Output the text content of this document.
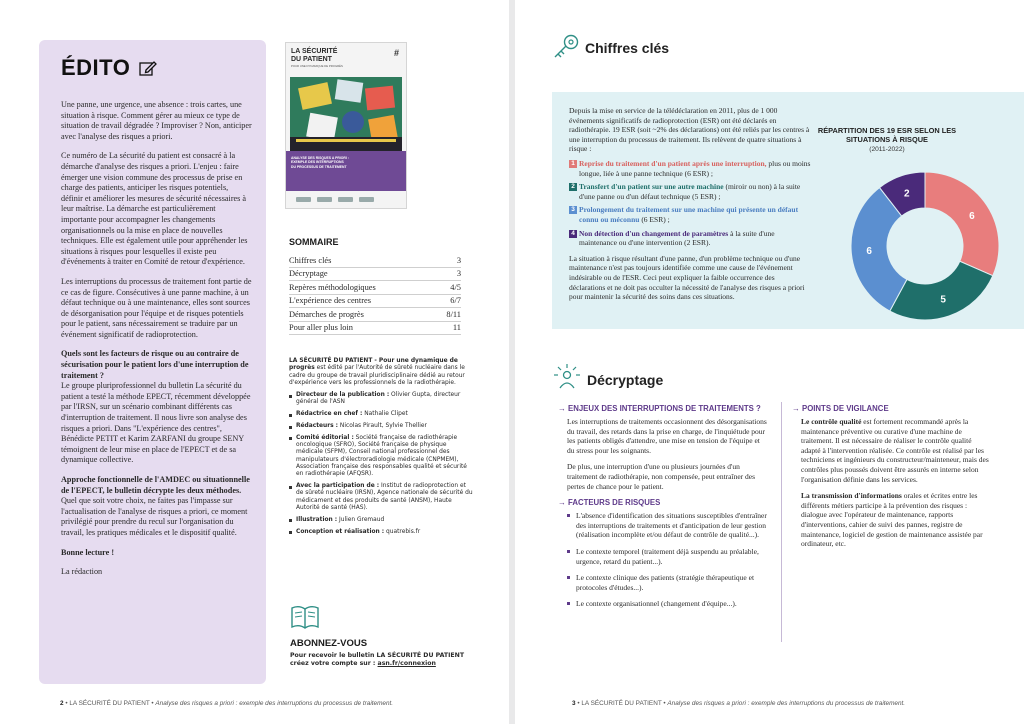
ÉDITO

Une panne, une urgence, une absence : trois cartes, une situation à risque. Comment gérer au mieux ce type de situation de travail dégradée ? Improviser ? Non, anticiper avec l'analyse des risques a priori.

Ce numéro de La sécurité du patient est consacré à la démarche d'analyse des risques a priori. L'enjeu : faire émerger une vision commune des processus de prise en charge des patients, anticiper les risques potentiels, définir et améliorer les mesures de sécurité nécessaires à leur maîtrise. La démarche est particulièrement importante pour accompagner les changements organisationnels ou la mise en place de nouvelles techniques. Elle est également utile pour appréhender les situations à risques pour lesquelles il existe peu d'événements à traiter en Comité de retour d'expérience.

Les interruptions du processus de traitement font partie de ce cas de figure. Consécutives à une panne machine, à un défaut technique ou à une maintenance, elles sont sources de désorganisation pour l'équipe et de risques potentiels pour le patient, sans nécessairement se traduire par un événement significatif de radioprotection.

Quels sont les facteurs de risque ou au contraire de sécurisation pour le patient lors d'une interruption de traitement ?
Le groupe pluriprofessionnel du bulletin La sécurité du patient a testé la méthode EPECT, récemment développée par l'IRSN, sur un scénario combinant différents cas d'interruption de traitement. Il nous livre son analyse des risques a priori. Dans "L'expérience des centres", Bénédicte PETIT et Karim ZARFANI du groupe SENY témoignent de leur mise en place de l'EPECT et de sa dynamique collective.

Approche fonctionnelle de l'AMDEC ou situationnelle de l'EPECT, le bulletin décrypte les deux méthodes. Quel que soit votre choix, ne faites pas l'impasse sur l'actualisation de l'analyse de risques a priori, ce moment privilégié pour prendre du recul sur l'organisation du travail, les pratiques médicales et le dispositif qualité.

Bonne lecture !

La rédaction

LA SÉCURITÉ
DU PATIENT
POUR UNE DYNAMIQUE DE PROGRÈS
#
ANALYSE DES RISQUES A PRIORI :
EXEMPLE DES INTERRUPTIONS
DU PROCESSUS DE TRAITEMENT
SOMMAIRE
Chiffres clés	3
Décryptage	3
Repères méthodologiques	4/5
L'expérience des centres	6/7
Démarches de progrès	8/11
Pour aller plus loin	11
LA SÉCURITÉ DU PATIENT - Pour une dynamique de progrès est édité par l'Autorité de sûreté nucléaire dans le cadre du groupe de travail pluridisciplinaire dédié au retour d'expérience vers les professionnels de la radiothérapie.
Directeur de la publication : Olivier Gupta, directeur général de l'ASN
Rédactrice en chef : Nathalie Clipet
Rédacteurs : Nicolas Pirault, Sylvie Thellier
Comité éditorial : Société française de radiothérapie oncologique (SFRO), Société française de physique médicale (SFPM), Conseil national professionnel des manipulateurs d'électroradiologie médicale (CNPMEM), Association française des responsables qualité et sécurité en radiothérapie (AFQSR).
Avec la participation de : Institut de radioprotection et de sûreté nucléaire (IRSN), Agence nationale de sécurité du médicament et des produits de santé (ANSM), Haute Autorité de santé (HAS).
Illustration : Julien Gremaud
Conception et réalisation : quatrebis.fr
ABONNEZ-VOUS
Pour recevoir le bulletin LA SÉCURITÉ DU PATIENT
créez votre compte sur : asn.fr/connexion
2 • LA SÉCURITÉ DU PATIENT • Analyse des risques a priori : exemple des interruptions du processus de traitement.
Chiffres clés

Depuis la mise en service de la télédéclaration en 2011, plus de 1 000 événements significatifs de radioprotection (ESR) ont été déclarés en radiothérapie. 19 ESR (soit ~2% des déclarations) ont été reliés par les centres à une interruption du processus de traitement. Ils relèvent de quatre situations à risque :

1 Reprise du traitement d'un patient après une interruption, plus ou moins longue, liée à une panne technique (6 ESR) ;
2 Transfert d'un patient sur une autre machine (miroir ou non) à la suite d'une panne ou d'un défaut technique (5 ESR) ;
3 Prolongement du traitement sur une machine qui présente un défaut connu ou méconnu (6 ESR) ;
4 Non détection d'un changement de paramètres à la suite d'une maintenance ou d'une intervention (2 ESR).

La situation à risque résultant d'une panne, d'un problème technique ou d'une maintenance n'est pas toujours identifiée comme une cause de l'événement indésirable ou de l'ESR. Ceci peut expliquer la faible occurrence des déclarations et ne doit pas occulter la nécessité de l'analyse des risques a priori pour maintenir la sécurité des soins dans ces situations.

RÉPARTITION DES 19 ESR SELON LES SITUATIONS À RISQUE
(2011-2022)
6
5
6
2
Décryptage
→ ENJEUX DES INTERRUPTIONS DE TRAITEMENTS ?

Les interruptions de traitements occasionnent des désorganisations du travail, des retards dans la prise en charge, de l'inquiétude pour les patients obligés d'attendre, une mise en tension de l'équipe et du stress pour les soignants.

De plus, une interruption d'une ou plusieurs journées d'un traitement de radiothérapie, non compensée, peut entraîner des pertes de chance pour le patient.

→ FACTEURS DE RISQUES
L'absence d'identification des situations susceptibles d'entraîner des interruptions de traitements et d'anticipation de leur gestion (réalisation incomplète et/ou défaut de contrôle de qualité...).
Le contexte temporel (traitement déjà suspendu au préalable, urgence, retard du patient...).
Le contexte clinique des patients (stratégie thérapeutique et protocoles d'études...).
Le contexte organisationnel (changement d'équipe...).
→ POINTS DE VIGILANCE

Le contrôle qualité est fortement recommandé après la maintenance préventive ou curative d'une machine de traitement. Il est nécessaire de réaliser le contrôle qualité adapté à l'intervention réalisée. Ce contrôle est réalisé par les techniciens et ingénieurs du constructeur/mainteneur, mais des contrôles plus poussés doivent être assurés en interne selon l'organisation définie dans les services.

La transmission d'informations orales et écrites entre les différents métiers participe à la prévention des risques : dialogue avec l'opérateur de maintenance, rapports d'interventions, cahier de suivi des pannes, registre de maintenance, logiciel de gestion de maintenance assistée par ordinateur, etc.

3 • LA SÉCURITÉ DU PATIENT • Analyse des risques a priori : exemple des interruptions du processus de traitement.
